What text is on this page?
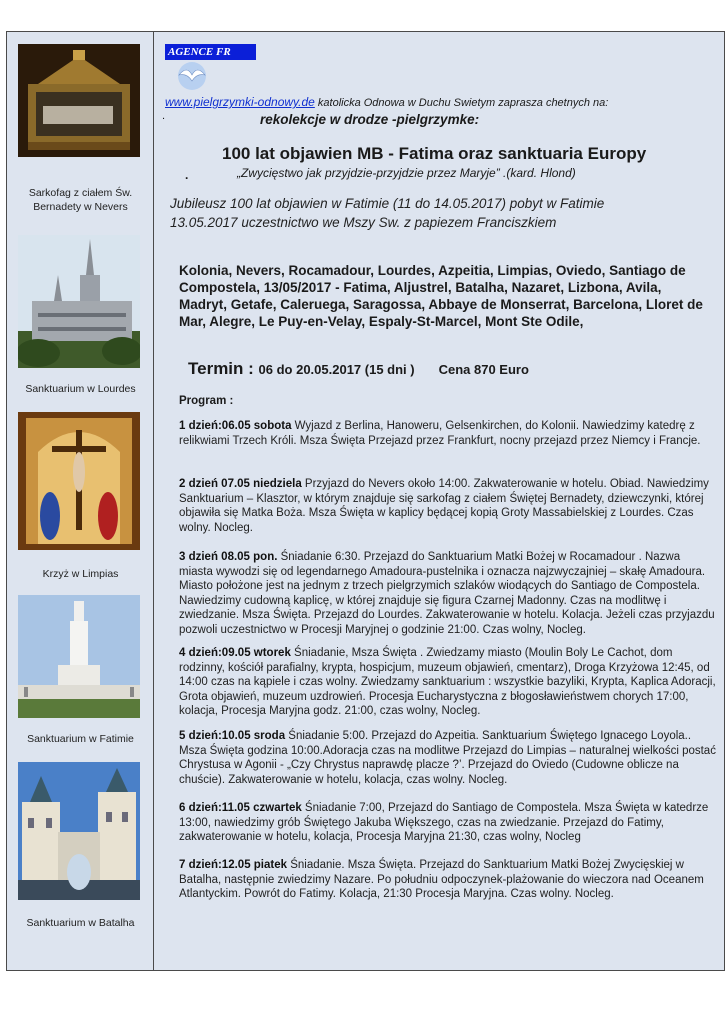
Sarkofag z ciałem Św. Bernadety w Nevers
Sanktuarium w Lourdes
Krzyż w Limpias
Sanktuarium w Fatimie
Sanktuarium w Batalha
AGENCE FR
www.pielgrzymki-odnowy.de katolicka Odnowa w Duchu Swietym zaprasza chetnych na:
.	rekolekcje w drodze -pielgrzymke:
100 lat objawien MB - Fatima oraz sanktuaria Europy
.	„Zwycięstwo jak przyjdzie-przyjdzie przez Maryje” .(kard. Hlond)
Jubileusz 100 lat objawien w Fatimie (11 do 14.05.2017) pobyt w Fatimie 13.05.2017 uczestnictwo we Mszy Sw. z papiezem Franciszkiem
Kolonia, Nevers, Rocamadour, Lourdes, Azpeitia, Limpias, Oviedo, Santiago de Compostela, 13/05/2017 - Fatima, Aljustrel, Batalha, Nazaret, Lizbona, Avila, Madryt, Getafe, Caleruega, Saragossa, Abbaye de Monserrat, Barcelona, Lloret de Mar, Alegre, Le Puy-en-Velay, Espaly-St-Marcel, Mont Ste Odile,
Termin : 06 do 20.05.2017 (15 dni ) Cena 870 Euro
Program :
1 dzień:06.05 sobota Wyjazd z Berlina, Hanoweru, Gelsenkirchen, do Kolonii. Nawiedzimy katedrę z relikwiami Trzech Króli. Msza Święta Przejazd przez Frankfurt, nocny przejazd przez Niemcy i Francje.
2 dzień 07.05 niedziela Przyjazd do Nevers około 14:00. Zakwaterowanie w hotelu. Obiad. Nawiedzimy Sanktuarium – Klasztor, w którym znajduje się sarkofag z ciałem Świętej Bernadety, dziewczynki, której objawiła się Matka Boża. Msza Święta w kaplicy będącej kopią Groty Massabielskiej z Lourdes. Czas wolny. Nocleg.
3 dzień 08.05 pon. Śniadanie 6:30. Przejazd do Sanktuarium Matki Bożej w Rocamadour . Nazwa miasta wywodzi się od legendarnego Amadoura-pustelnika i oznacza najzwyczajniej – skałę Amadoura. Miasto położone jest na jednym z trzech pielgrzymich szlaków wiodących do Santiago de Compostela. Nawiedzimy cudowną kaplicę, w której znajduje się figura Czarnej Madonny. Czas na modlitwę i zwiedzanie. Msza Święta. Przejazd do Lourdes. Zakwaterowanie w hotelu. Kolacja. Jeżeli czas przyjazdu pozwoli uczestnictwo w Procesji Maryjnej o godzinie 21:00. Czas wolny, Nocleg.
4 dzień:09.05 wtorek Śniadanie, Msza Święta . Zwiedzamy miasto (Moulin Boly Le Cachot, dom rodzinny, kościół parafialny, krypta, hospicjum, muzeum objawień, cmentarz), Droga Krzyżowa 12:45, od 14:00 czas na kąpiele i czas wolny. Zwiedzamy sanktuarium : wszystkie bazyliki, Krypta, Kaplica Adoracji, Grota objawień, muzeum uzdrowień. Procesja Eucharystyczna z błogosławieństwem chorych 17:00, kolacja, Procesja Maryjna godz. 21:00, czas wolny, Nocleg.
5 dzień:10.05 sroda Śniadanie 5:00. Przejazd do Azpeitia. Sanktuarium Świętego Ignacego Loyola.. Msza Święta godzina 10:00.Adoracja czas na modlitwe Przejazd do Limpias – naturalnej wielkości postać Chrystusa w Agonii - „Czy Chrystus naprawdę placze ?’. Przejazd do Oviedo (Cudowne oblicze na chuście). Zakwaterowanie w hotelu, kolacja, czas wolny. Nocleg.
6 dzień:11.05 czwartek Śniadanie 7:00, Przejazd do Santiago de Compostela. Msza Święta w katedrze 13:00, nawiedzimy grób Świętego Jakuba Większego, czas na zwiedzanie. Przejazd do Fatimy, zakwaterowanie w hotelu, kolacja, Procesja Maryjna 21:30, czas wolny, Nocleg
7 dzień:12.05 piatek Śniadanie. Msza Święta. Przejazd do Sanktuarium Matki Bożej Zwycięskiej w Batalha, następnie zwiedzimy Nazare. Po południu odpoczynek-plażowanie do wieczora nad Oceanem Atlantyckim. Powrót do Fatimy. Kolacja, 21:30 Procesja Maryjna. Czas wolny. Nocleg.
